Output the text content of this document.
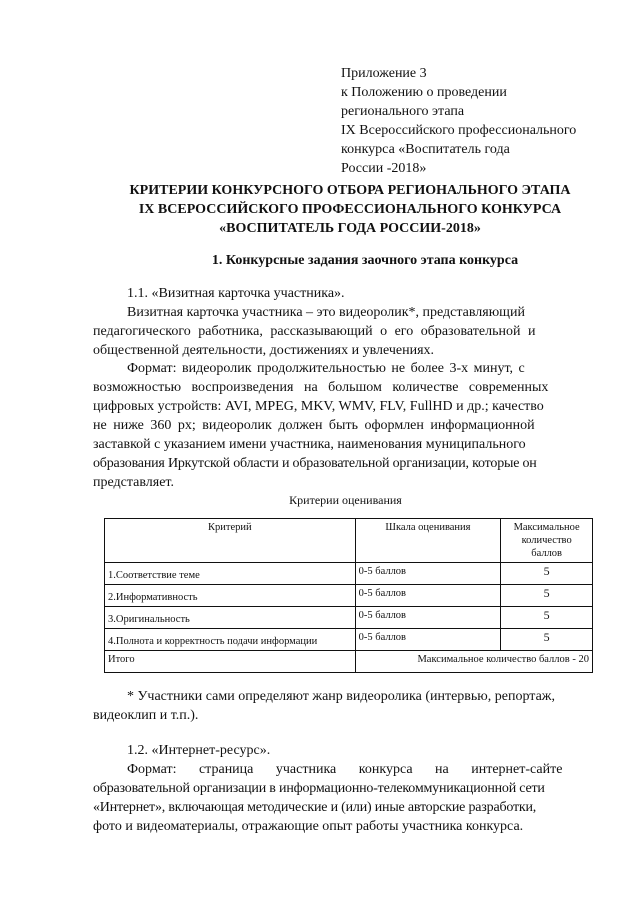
Приложение 3
к Положению о проведении
регионального этапа
IX Всероссийского профессионального
конкурса «Воспитатель года
России -2018»
КРИТЕРИИ КОНКУРСНОГО ОТБОРА РЕГИОНАЛЬНОГО ЭТАПА
IX ВСЕРОССИЙСКОГО ПРОФЕССИОНАЛЬНОГО КОНКУРСА
«ВОСПИТАТЕЛЬ ГОДА РОССИИ-2018»
1. Конкурсные задания заочного этапа конкурса
1.1. «Визитная карточка участника».
Визитная карточка участника – это видеоролик*, представляющий
педагогического работника, рассказывающий о его образовательной и
общественной деятельности, достижениях и увлечениях.
Формат: видеоролик продолжительностью не более 3-х минут, с
возможностью воспроизведения на большом количестве современных
цифровых устройств: AVI, MPEG, MKV, WMV, FLV, FullHD и др.; качество
не ниже 360 px; видеоролик должен быть оформлен информационной
заставкой с указанием имени участника, наименования муниципального
образования Иркутской области и образовательной организации, которые он
представляет.
Критерии оценивания
Критерий	Шкала оценивания	Максимальное
количество
баллов

1.Соответствие теме	0-5 баллов	5
2.Информативность	0-5 баллов	5
3.Оригинальность	0-5 баллов	5
4.Полнота и корректность подачи информации	0-5 баллов	5
Итого	Максимальное количество баллов - 20	
* Участники сами определяют жанр видеоролика (интервью, репортаж,
видеоклип и т.п.).
1.2. «Интернет-ресурс».
Формат:   страница   участника   конкурса   на   интернет-сайте
образовательной организации в информационно-телекоммуникационной сети
«Интернет», включающая методические и (или) иные авторские разработки,
фото и видеоматериалы, отражающие опыт работы участника конкурса.
